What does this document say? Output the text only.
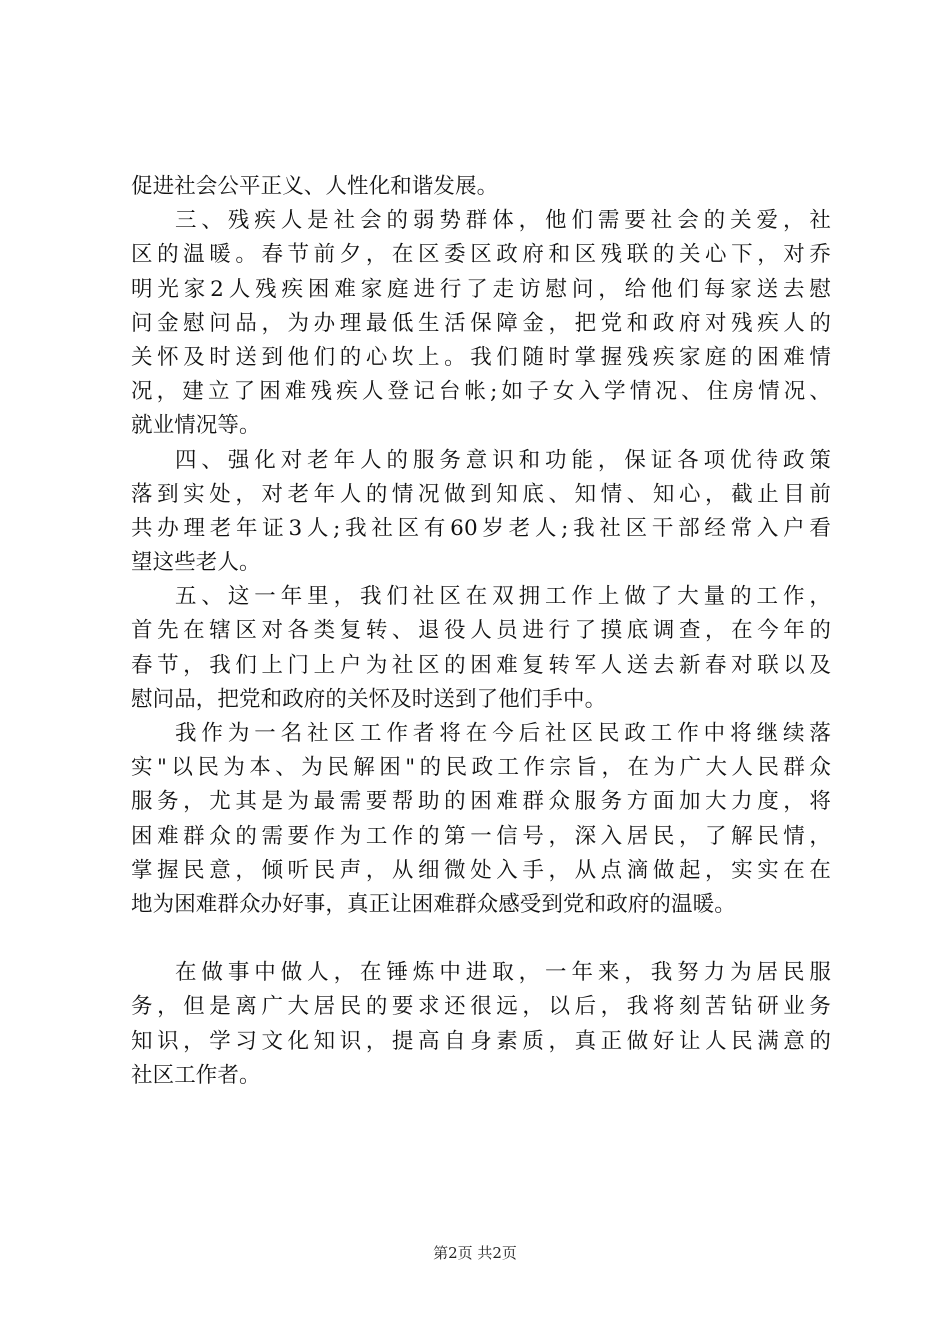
促进社会公平正义、人性化和谐发展。
三、残疾人是社会的弱势群体，他们需要社会的关爱，社
区的温暖。春节前夕，在区委区政府和区残联的关心下，对乔
明光家2人残疾困难家庭进行了走访慰问，给他们每家送去慰
问金慰问品，为办理最低生活保障金，把党和政府对残疾人的
关怀及时送到他们的心坎上。我们随时掌握残疾家庭的困难情
况，建立了困难残疾人登记台帐;如子女入学情况、住房情况、
就业情况等。
四、强化对老年人的服务意识和功能，保证各项优待政策
落到实处，对老年人的情况做到知底、知情、知心，截止目前
共办理老年证3人;我社区有60岁老人;我社区干部经常入户看
望这些老人。
五、这一年里，我们社区在双拥工作上做了大量的工作，
首先在辖区对各类复转、退役人员进行了摸底调查，在今年的
春节，我们上门上户为社区的困难复转军人送去新春对联以及
慰问品，把党和政府的关怀及时送到了他们手中。
我作为一名社区工作者将在今后社区民政工作中将继续落
实"以民为本、为民解困"的民政工作宗旨，在为广大人民群众
服务，尤其是为最需要帮助的困难群众服务方面加大力度，将
困难群众的需要作为工作的第一信号，深入居民，了解民情，
掌握民意，倾听民声，从细微处入手，从点滴做起，实实在在
地为困难群众办好事，真正让困难群众感受到党和政府的温暖。
在做事中做人，在锤炼中进取，一年来，我努力为居民服
务，但是离广大居民的要求还很远，以后，我将刻苦钻研业务
知识，学习文化知识，提高自身素质，真正做好让人民满意的
社区工作者。
第2页 共2页
